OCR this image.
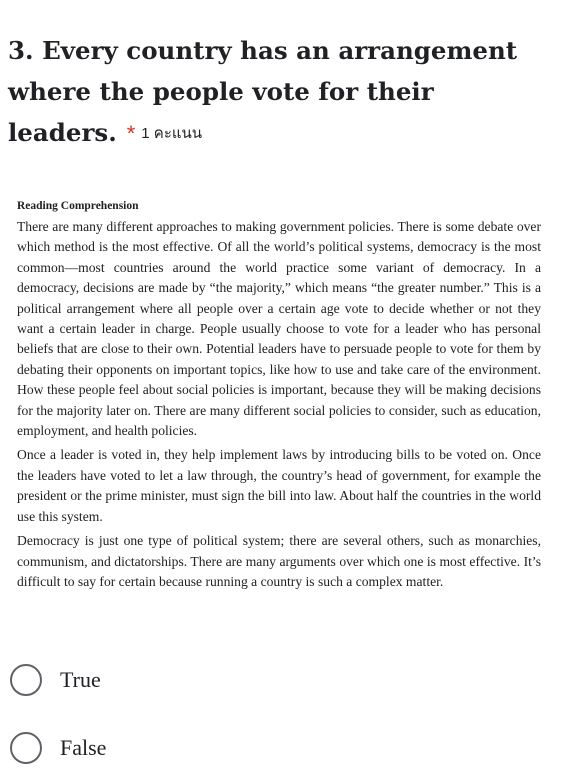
3. Every country has an arrangement where the people vote for their leaders. * 1 คะแนน
Reading Comprehension

There are many different approaches to making government policies. There is some debate over which method is the most effective. Of all the world’s political systems, democracy is the most common—most countries around the world practice some variant of democracy. In a democracy, decisions are made by “the majority,” which means “the greater number.” This is a political arrangement where all people over a certain age vote to decide whether or not they want a certain leader in charge. People usually choose to vote for a leader who has personal beliefs that are close to their own. Potential leaders have to persuade people to vote for them by debating their opponents on important topics, like how to use and take care of the environment. How these people feel about social policies is important, because they will be making decisions for the majority later on. There are many different social policies to consider, such as education, employment, and health policies.

Once a leader is voted in, they help implement laws by introducing bills to be voted on. Once the leaders have voted to let a law through, the country’s head of government, for example the president or the prime minister, must sign the bill into law. About half the countries in the world use this system.

Democracy is just one type of political system; there are several others, such as monarchies, communism, and dictatorships. There are many arguments over which one is most effective. It’s difficult to say for certain because running a country is such a complex matter.

True
False
